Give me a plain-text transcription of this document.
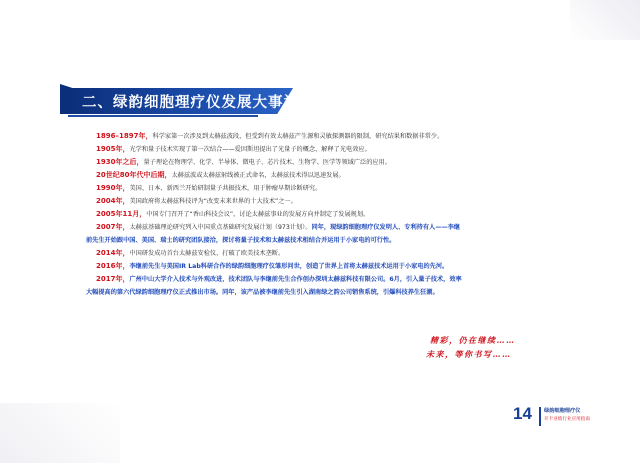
二、绿韵细胞理疗仪发展大事记

1896–1897年，科学家第一次涉及到太赫兹波段，但受到有效太赫兹产生源和灵敏探测器的限制，研究结果和数据非常少。

1905年，光学和量子技术实现了第一次结合——爱因斯坦提出了光量子的概念，解释了光电效应。

1930年之后，量子理论在物理学、化学、半导体、微电子、芯片技术、生物学、医学等领域广泛的应用。

20世纪80年代中后期，太赫兹波或太赫兹射线被正式命名，太赫兹技术得以迅速发展。

1990年，美国、日本、新西兰开始研制量子共振技术，用于肿瘤早期诊断研究。

2004年，美国政府将太赫兹科技评为“改变未来世界的十大技术”之一。

2005年11月，中国专门召开了“香山科技会议”，讨论太赫兹事业的发展方向并制定了发展规划。

2007年，太赫兹基础理论研究列入中国重点基础研究发展计划（973计划）。同年，现绿韵细胞理疗仪发明人、专利持有人——李继
前先生开始跟中国、美国、瑞士的研究团队接洽，探讨将量子技术和太赫兹技术相结合并运用于小家电的可行性。

2014年，中国研发成功首台太赫兹安检仪，打破了欧美技术垄断。

2016年，李继前先生与美国IR Lab科研合作的绿韵细胞理疗仪雏形问世，创造了世界上首将太赫兹技术运用于小家电的先河。

2017年，广州中山大学介入技术与外观改进，技术团队与李继前先生合作创办深圳太赫兹科技有限公司。6月，引入量子技术，效率
大幅提高的第六代绿韵细胞理疗仪正式推出市场。同年，该产品被李继前先生引入湖南绿之韵公司销售系统，引爆科技养生狂潮。

精彩，仍在继续……
未来，等你书写……
14 绿韵细胞理疗仪
开卡业绩行业应用指南
